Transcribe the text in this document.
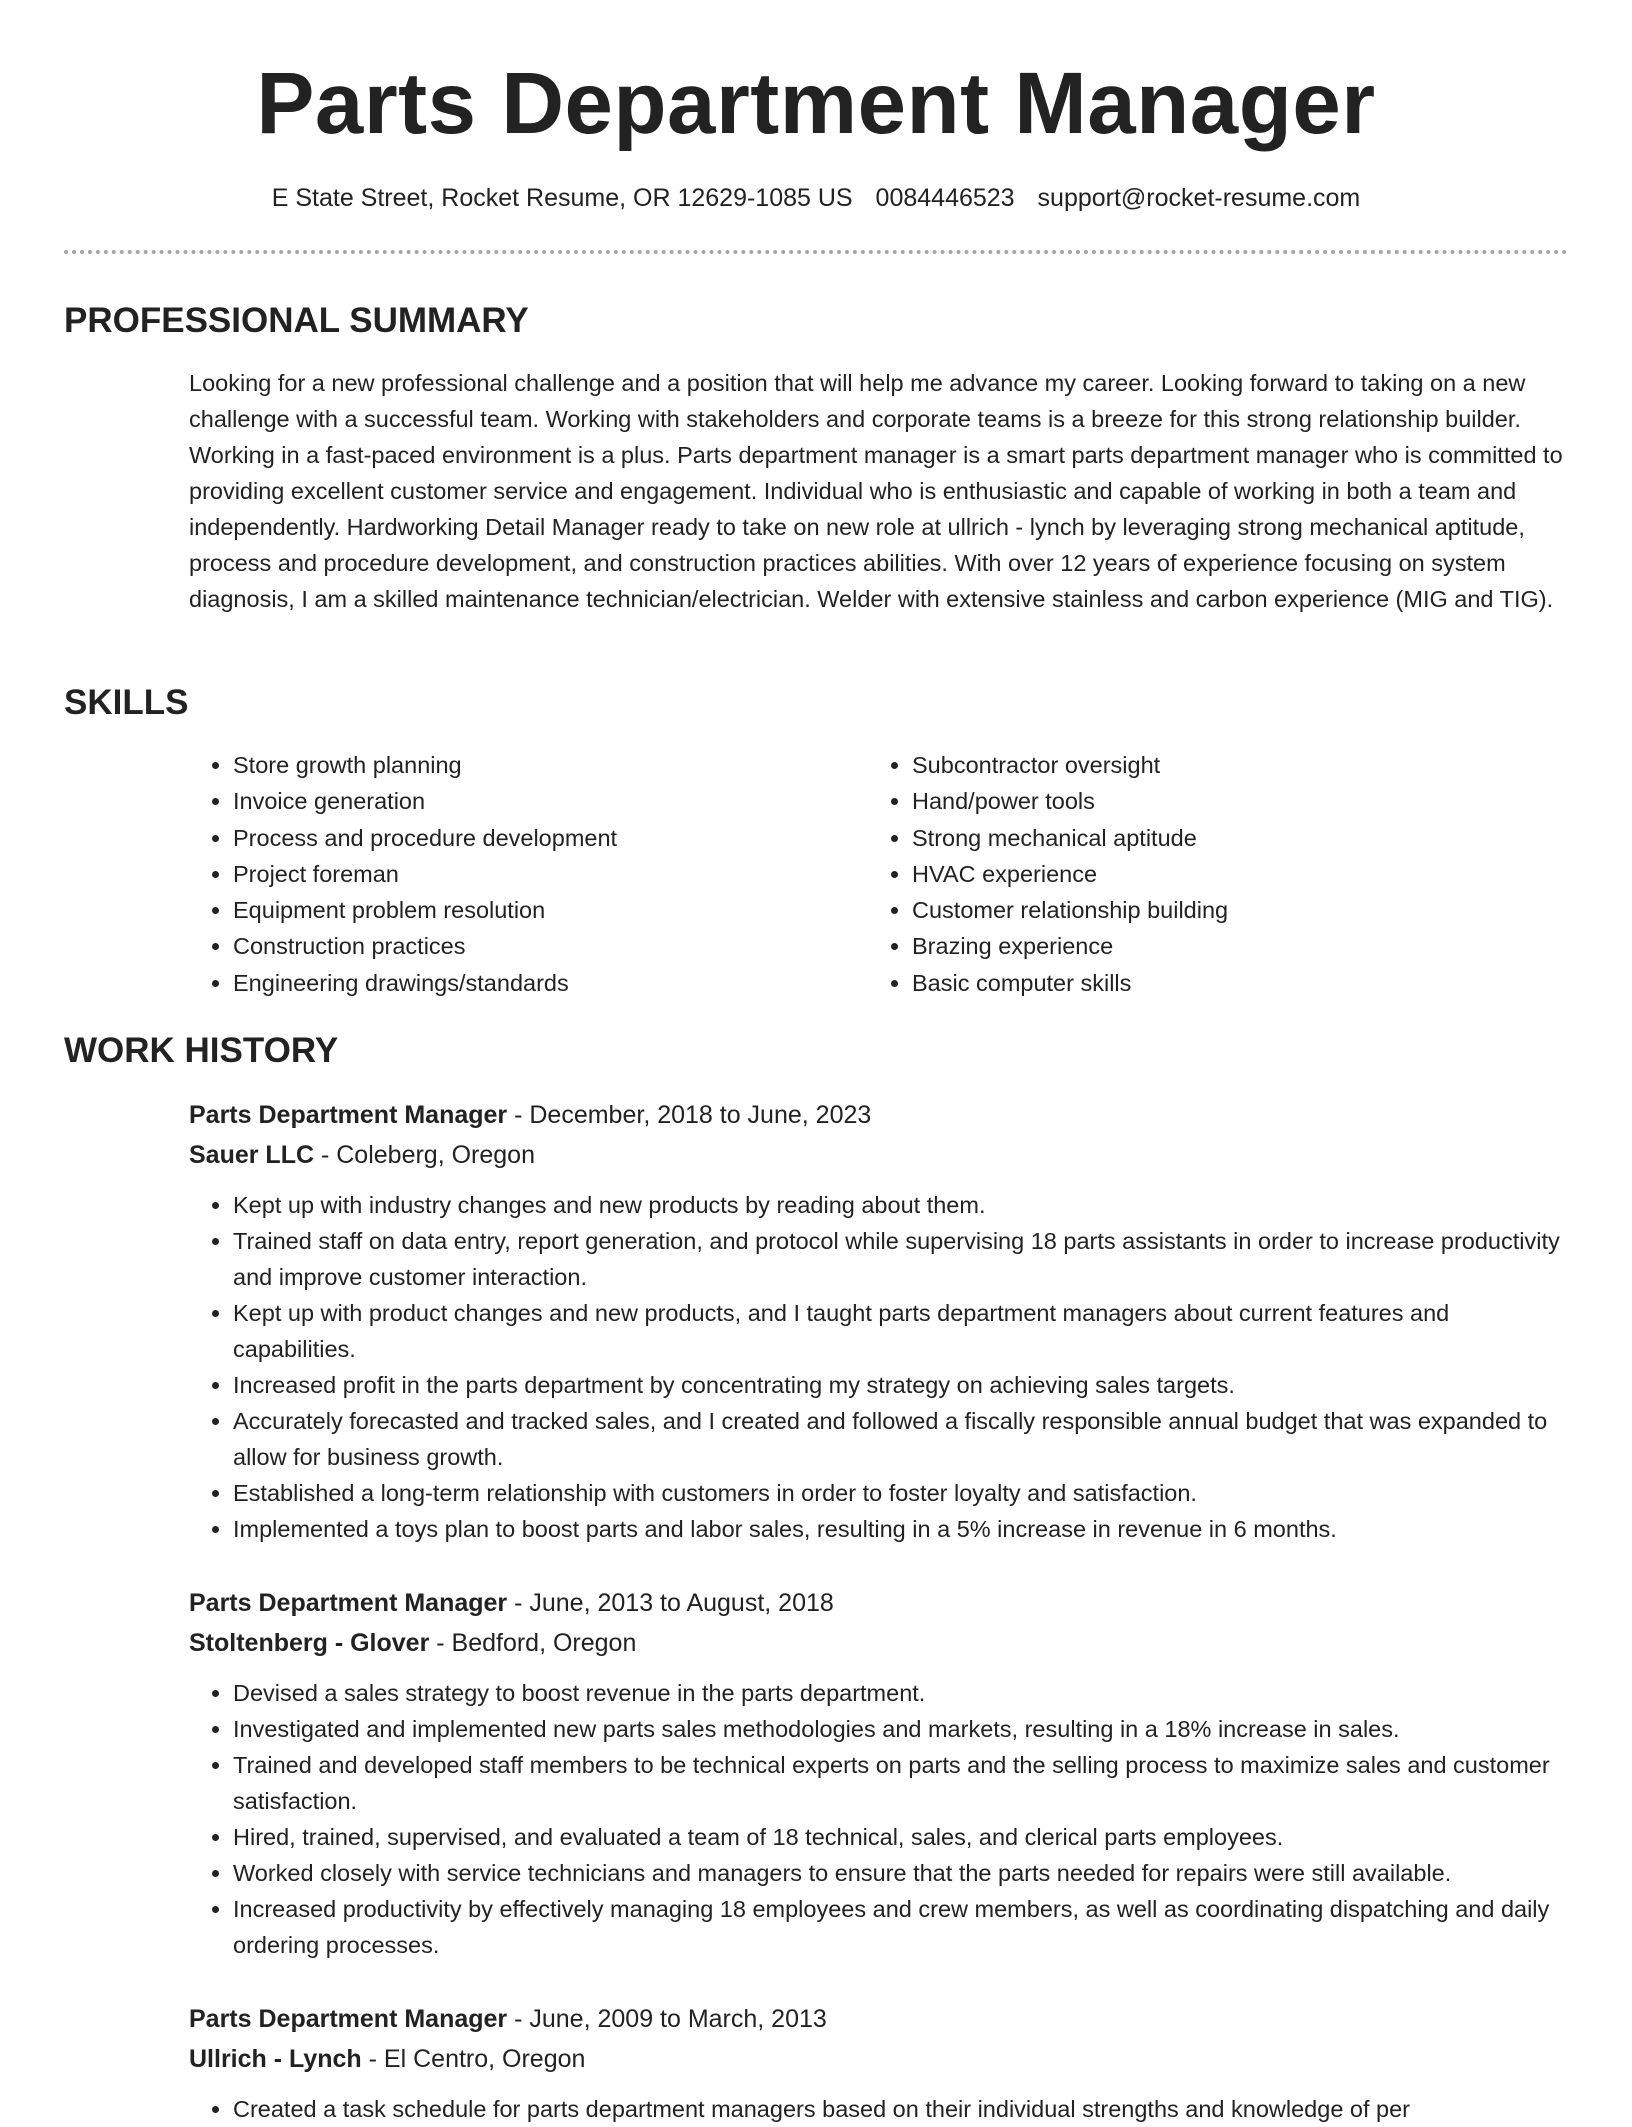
Parts Department Manager
E State Street, Rocket Resume, OR 12629-1085 US 0084446523 support@rocket-resume.com
PROFESSIONAL SUMMARY

Looking for a new professional challenge and a position that will help me advance my career. Looking forward to taking on a new challenge with a successful team. Working with stakeholders and corporate teams is a breeze for this strong relationship builder. Working in a fast-paced environment is a plus. Parts department manager is a smart parts department manager who is committed to providing excellent customer service and engagement. Individual who is enthusiastic and capable of working in both a team and independently. Hardworking Detail Manager ready to take on new role at ullrich - lynch by leveraging strong mechanical aptitude, process and procedure development, and construction practices abilities. With over 12 years of experience focusing on system diagnosis, I am a skilled maintenance technician/electrician. Welder with extensive stainless and carbon experience (MIG and TIG).

SKILLS
• Store growth planning
• Invoice generation
• Process and procedure development
• Project foreman
• Equipment problem resolution
• Construction practices
• Engineering drawings/standards
• Subcontractor oversight
• Hand/power tools
• Strong mechanical aptitude
• HVAC experience
• Customer relationship building
• Brazing experience
• Basic computer skills
WORK HISTORY

Parts Department Manager - December, 2018 to June, 2023

Sauer LLC - Coleberg, Oregon

• Kept up with industry changes and new products by reading about them.
• Trained staff on data entry, report generation, and protocol while supervising 18 parts assistants in order to increase productivity and improve customer interaction.
• Kept up with product changes and new products, and I taught parts department managers about current features and capabilities.
• Increased profit in the parts department by concentrating my strategy on achieving sales targets.
• Accurately forecasted and tracked sales, and I created and followed a fiscally responsible annual budget that was expanded to allow for business growth.
• Established a long-term relationship with customers in order to foster loyalty and satisfaction.
• Implemented a toys plan to boost parts and labor sales, resulting in a 5% increase in revenue in 6 months.

Parts Department Manager - June, 2013 to August, 2018

Stoltenberg - Glover - Bedford, Oregon

• Devised a sales strategy to boost revenue in the parts department.
• Investigated and implemented new parts sales methodologies and markets, resulting in a 18% increase in sales.
• Trained and developed staff members to be technical experts on parts and the selling process to maximize sales and customer satisfaction.
• Hired, trained, supervised, and evaluated a team of 18 technical, sales, and clerical parts employees.
• Worked closely with service technicians and managers to ensure that the parts needed for repairs were still available.
• Increased productivity by effectively managing 18 employees and crew members, as well as coordinating dispatching and daily ordering processes.

Parts Department Manager - June, 2009 to March, 2013

Ullrich - Lynch - El Centro, Oregon

• Created a task schedule for parts department managers based on their individual strengths and knowledge of per
